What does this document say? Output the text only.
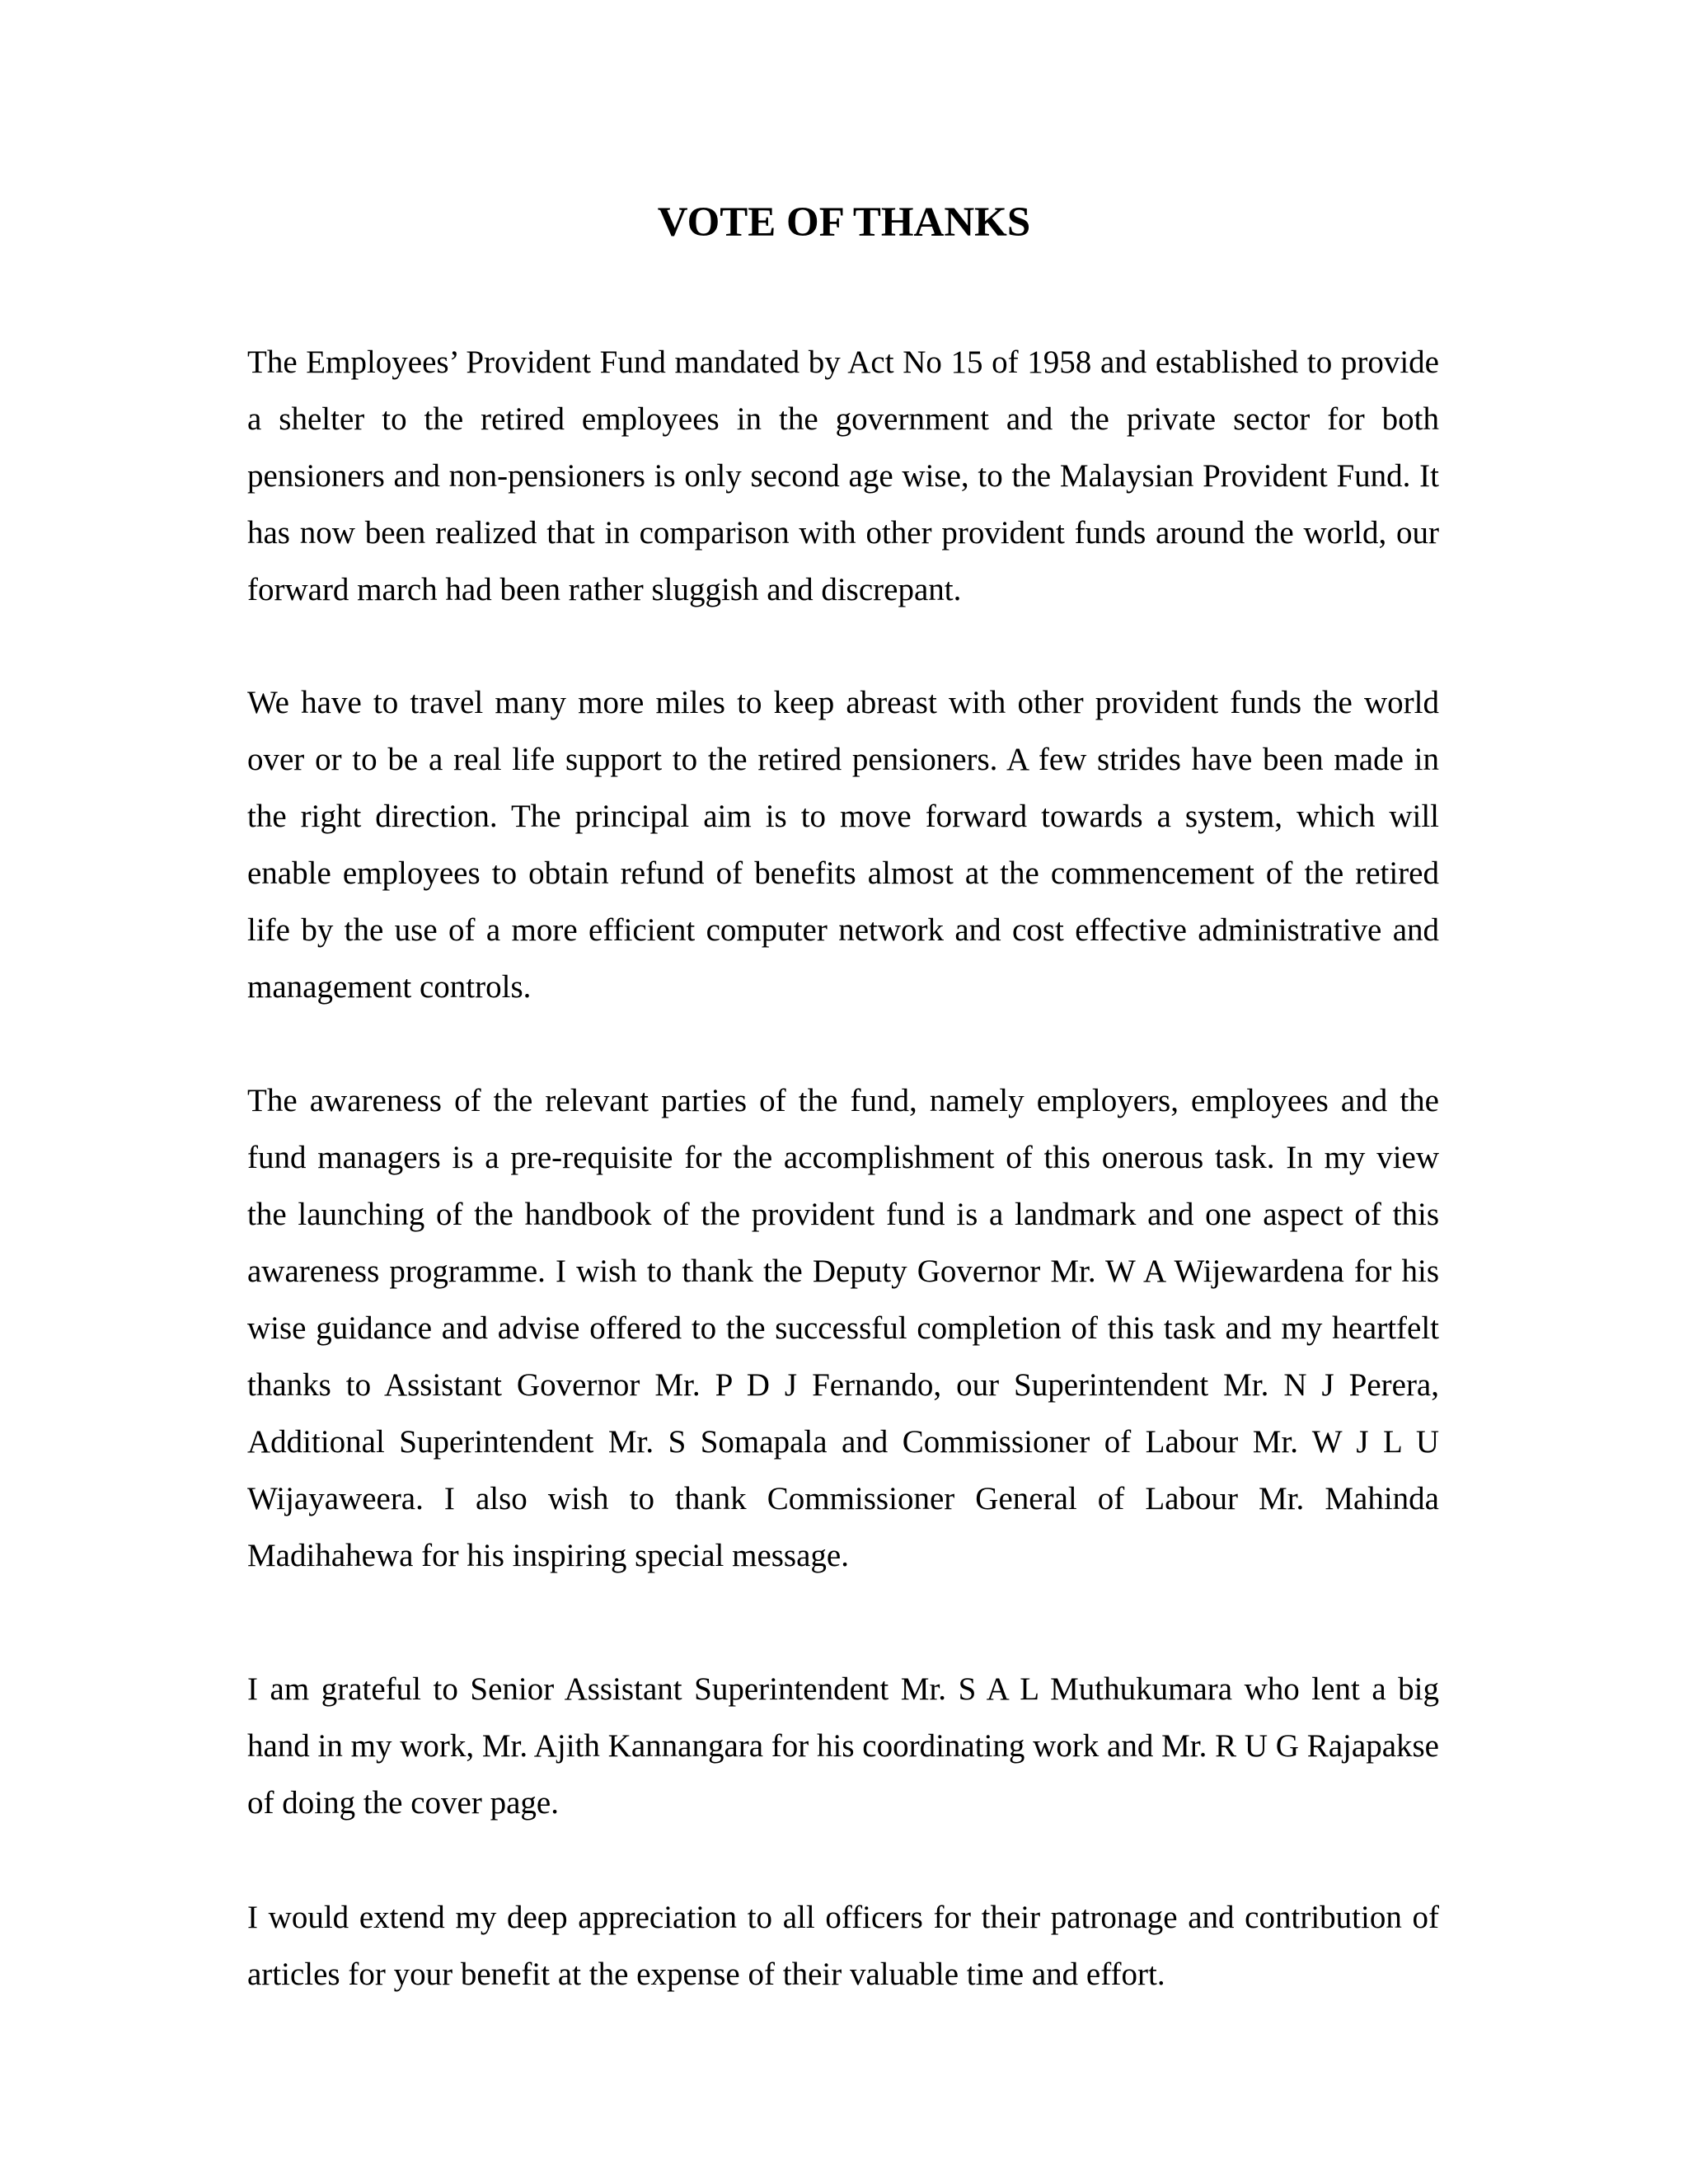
VOTE OF THANKS

The Employees’ Provident Fund mandated by Act No 15 of 1958 and established to provide a shelter to the retired employees in the government and the private sector for both pensioners and non-pensioners is only second age wise, to the Malaysian Provident Fund. It has now been realized that in comparison with other provident funds around the world, our forward march had been rather sluggish and discrepant.

We have to travel many more miles to keep abreast with other provident funds the world over or to be a real life support to the retired pensioners. A few strides have been made in the right direction. The principal aim is to move forward towards a system, which will enable employees to obtain refund of benefits almost at the commencement of the retired life by the use of a more efficient computer network and cost effective administrative and management controls.

The awareness of the relevant parties of the fund, namely employers, employees and the fund managers is a pre-requisite for the accomplishment of this onerous task. In my view the launching of the handbook of the provident fund is a landmark and one aspect of this awareness programme. I wish to thank the Deputy Governor Mr. W A Wijewardena for his wise guidance and advise offered to the successful completion of this task and my heartfelt thanks to Assistant Governor Mr. P D J Fernando, our Superintendent Mr. N J Perera, Additional Superintendent Mr. S Somapala and Commissioner of Labour Mr. W J L U Wijayaweera. I also wish to thank Commissioner General of Labour Mr. Mahinda Madihahewa for his inspiring special message.

I am grateful to Senior Assistant Superintendent Mr. S A L Muthukumara who lent a big hand in my work, Mr. Ajith Kannangara for his coordinating work and Mr. R U G Rajapakse of doing the cover page.

I would extend my deep appreciation to all officers for their patronage and contribution of articles for your benefit at the expense of their valuable time and effort.
